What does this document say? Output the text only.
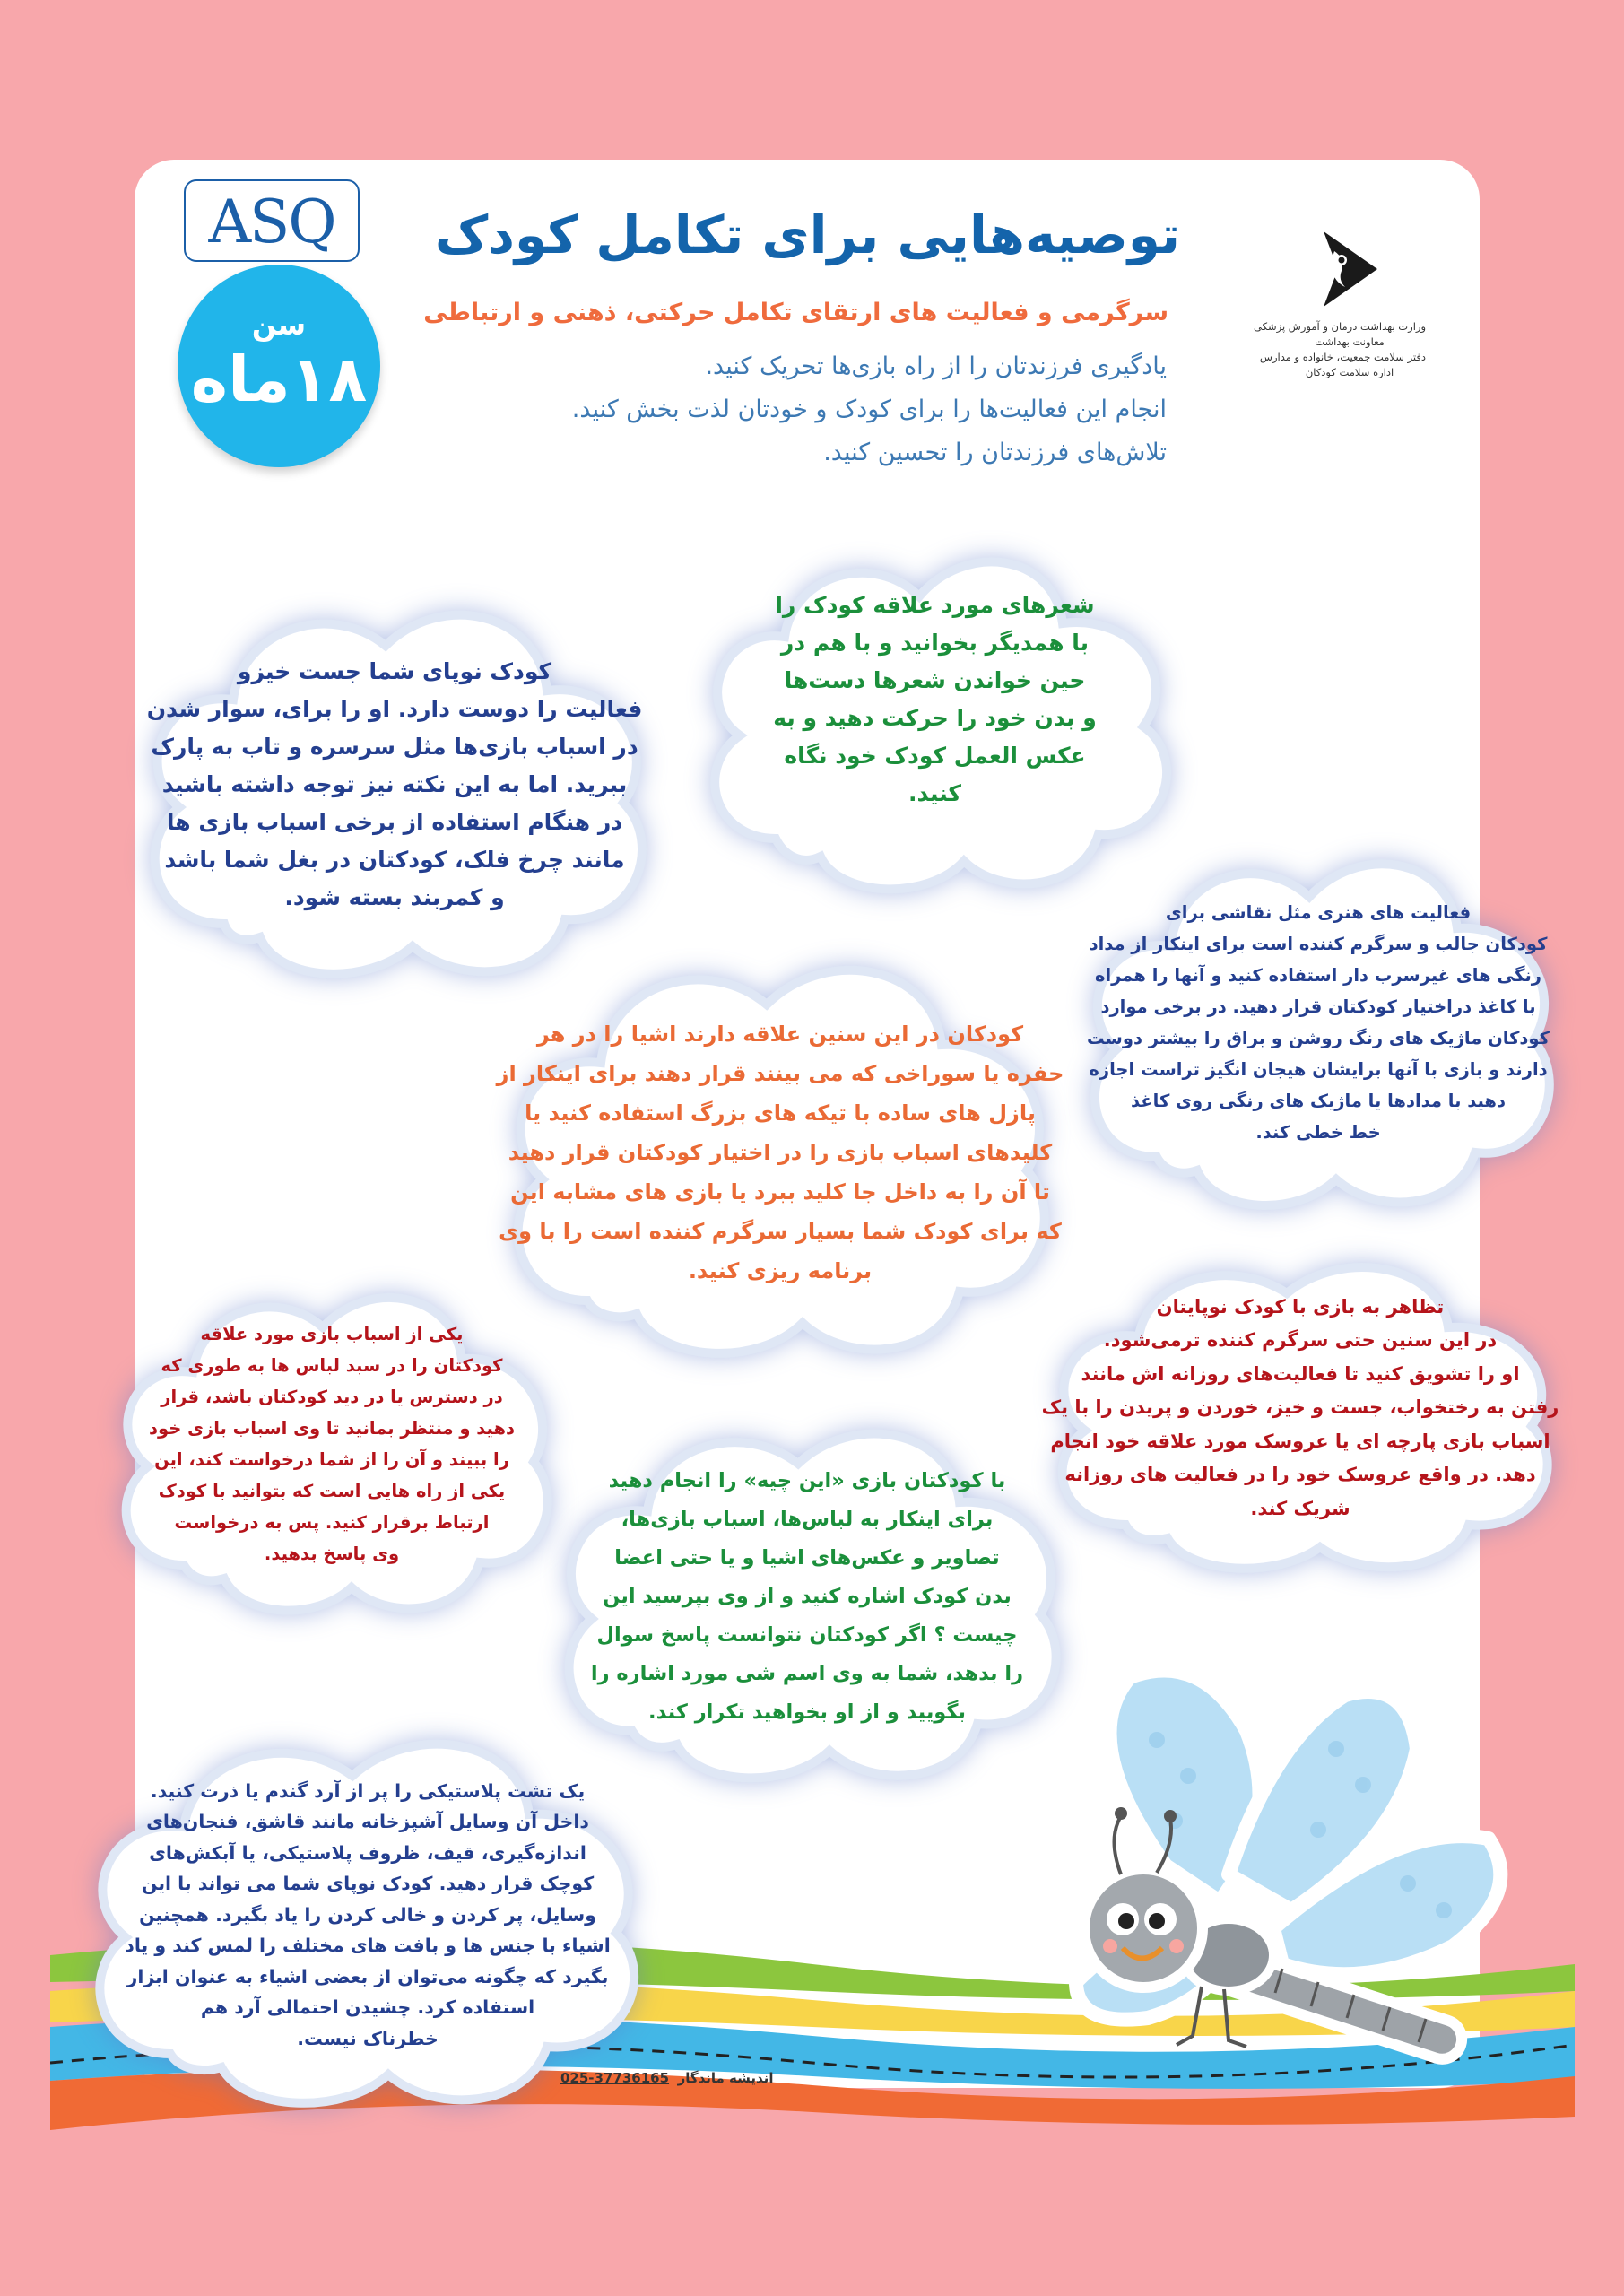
ASQ
سن
۱۸ماه
توصیه‌هایی برای تکامل کودک
سرگرمی و فعالیت های ارتقای تکامل حرکتی، ذهنی و ارتباطی
یادگیری فرزندتان را از راه بازی‌ها تحریک کنید.
انجام این فعالیت‌ها را برای کودک و خودتان لذت بخش کنید.
تلاش‌های فرزندتان را تحسین کنید.
وزارت بهداشت درمان و آموزش پزشکی
معاونت بهداشت
دفتر سلامت جمعیت، خانواده و مدارس
اداره سلامت کودکان
شعرهای مورد علاقه کودک را
با همدیگر بخوانید و با هم در
حین خواندن شعرها دست‌ها
و بدن خود را حرکت دهید و به
عکس العمل کودک خود نگاه
کنید.
کودک نوپای شما جست خیزو
فعالیت را دوست دارد. او را برای، سوار شدن
در اسباب بازی‌ها مثل سرسره و تاب به پارک
ببرید. اما به این نکته نیز توجه داشته باشید
در هنگام استفاده از برخی اسباب بازی ها
مانند چرخ فلک، کودکتان در بغل شما باشد
و کمربند بسته شود.
فعالیت های هنری مثل نقاشی برای
کودکان جالب و سرگرم کننده است برای اینکار از مداد
رنگی های غیرسرب دار استفاده کنید و آنها را همراه
با کاغذ دراختیار کودکتان قرار دهید. در برخی موارد
کودکان ماژیک های رنگ روشن و براق را بیشتر دوست
دارند و بازی با آنها برایشان هیجان انگیز تراست اجازه
دهید با مدادها یا ماژیک های رنگی روی کاغذ
خط خطی کند.
کودکان در این سنین علاقه دارند اشیا را در هر
حفره یا سوراخی که می بینند قرار دهند برای اینکار از
پازل های ساده با تیکه های بزرگ استفاده کنید یا
کلیدهای اسباب بازی را در اختیار کودکتان قرار دهید
تا آن را به داخل جا کلید ببرد یا بازی های مشابه این
که برای کودک شما بسیار سرگرم کننده است را با وی
برنامه ریزی کنید.
یکی از اسباب بازی مورد علاقه
کودکتان را در سبد لباس ها به طوری که
در دسترس یا در دید کودکتان باشد، قرار
دهید و منتظر بمانید تا وی اسباب بازی خود
را ببیند و آن را از شما درخواست کند، این
یکی از راه هایی است که بتوانید با کودک
ارتباط برقرار کنید. پس به درخواست
وی پاسخ بدهید.
تظاهر به بازی با کودک نوپایتان
در این سنین حتی سرگرم کننده ترمی‌شود.
او را تشویق کنید تا فعالیت‌های روزانه اش مانند
رفتن به رختخواب، جست و خیز، خوردن و پریدن را با یک
اسباب بازی پارچه ای یا عروسک مورد علاقه خود انجام
دهد. در واقع عروسک خود را در فعالیت های روزانه
شریک کند.
با کودکتان بازی «این چیه» را انجام دهید
برای اینکار به لباس‌ها، اسباب بازی‌ها،
تصاویر و عکس‌های اشیا و یا حتی اعضا
بدن کودک اشاره کنید و از وی بپرسید این
چیست ؟ اگر کودکتان نتوانست پاسخ سوال
را بدهد، شما به وی اسم شی مورد اشاره را
بگویید و از او بخواهید تکرار کند.
یک تشت پلاستیکی را پر از آرد گندم یا ذرت کنید.
داخل آن وسایل آشپزخانه مانند قاشق، فنجان‌های
اندازه‌گیری، قیف، ظروف پلاستیکی، یا آبکش‌های
کوچک قرار دهید. کودک نوپای شما می تواند با این
وسایل، پر کردن و خالی کردن را یاد بگیرد. همچنین
اشیاء با جنس ها و بافت های مختلف را لمس کند و یاد
بگیرد که چگونه می‌توان از بعضی اشیاء به عنوان ابزار
استفاده کرد. چشیدن احتمالی آرد هم
خطرناک نیست.
025-37736165 اندیشه ماندگار
